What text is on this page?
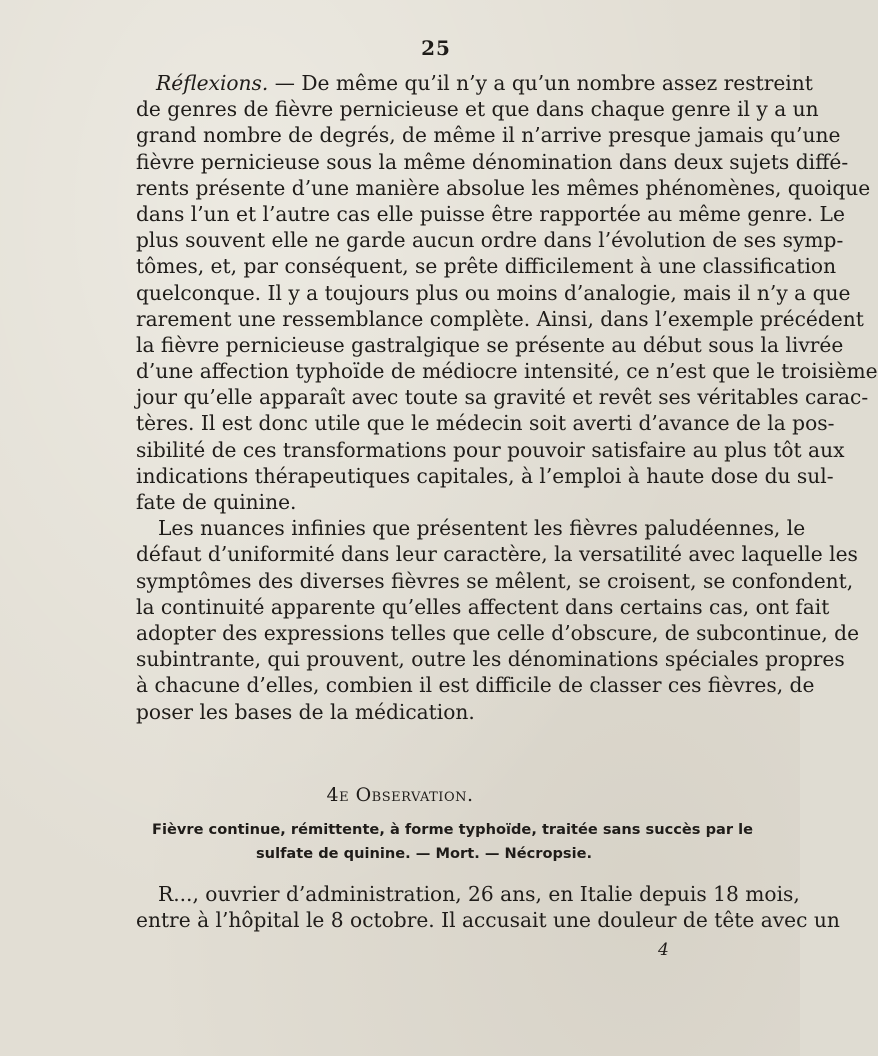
25
Réflexions. — De même qu’il n’y a qu’un nombre assez restreint
de genres de fièvre pernicieuse et que dans chaque genre il y a un
grand nombre de degrés, de même il n’arrive presque jamais qu’une
fièvre pernicieuse sous la même dénomination dans deux sujets diffé-
rents présente d’une manière absolue les mêmes phénomènes, quoique
dans l’un et l’autre cas elle puisse être rapportée au même genre. Le
plus souvent elle ne garde aucun ordre dans l’évolution de ses symp-
tômes, et, par conséquent, se prête difficilement à une classification
quelconque. Il y a toujours plus ou moins d’analogie, mais il n’y a que
rarement une ressemblance complète. Ainsi, dans l’exemple précédent
la fièvre pernicieuse gastralgique se présente au début sous la livrée
d’une affection typhoïde de médiocre intensité, ce n’est que le troisième
jour qu’elle apparaît avec toute sa gravité et revêt ses véritables carac-
tères. Il est donc utile que le médecin soit averti d’avance de la pos-
sibilité de ces transformations pour pouvoir satisfaire au plus tôt aux
indications thérapeutiques capitales, à l’emploi à haute dose du sul-
fate de quinine.
Les nuances infinies que présentent les fièvres paludéennes, le
défaut d’uniformité dans leur caractère, la versatilité avec laquelle les
symptômes des diverses fièvres se mêlent, se croisent, se confondent,
la continuité apparente qu’elles affectent dans certains cas, ont fait
adopter des expressions telles que celle d’obscure, de subcontinue, de
subintrante, qui prouvent, outre les dénominations spéciales propres
à chacune d’elles, combien il est difficile de classer ces fièvres, de
poser les bases de la médication.
4e Observation.
Fièvre continue, rémittente, à forme typhoïde, traitée sans succès par le
sulfate de quinine. — Mort. — Nécropsie.
R..., ouvrier d’administration, 26 ans, en Italie depuis 18 mois,
entre à l’hôpital le 8 octobre. Il accusait une douleur de tête avec un
4
